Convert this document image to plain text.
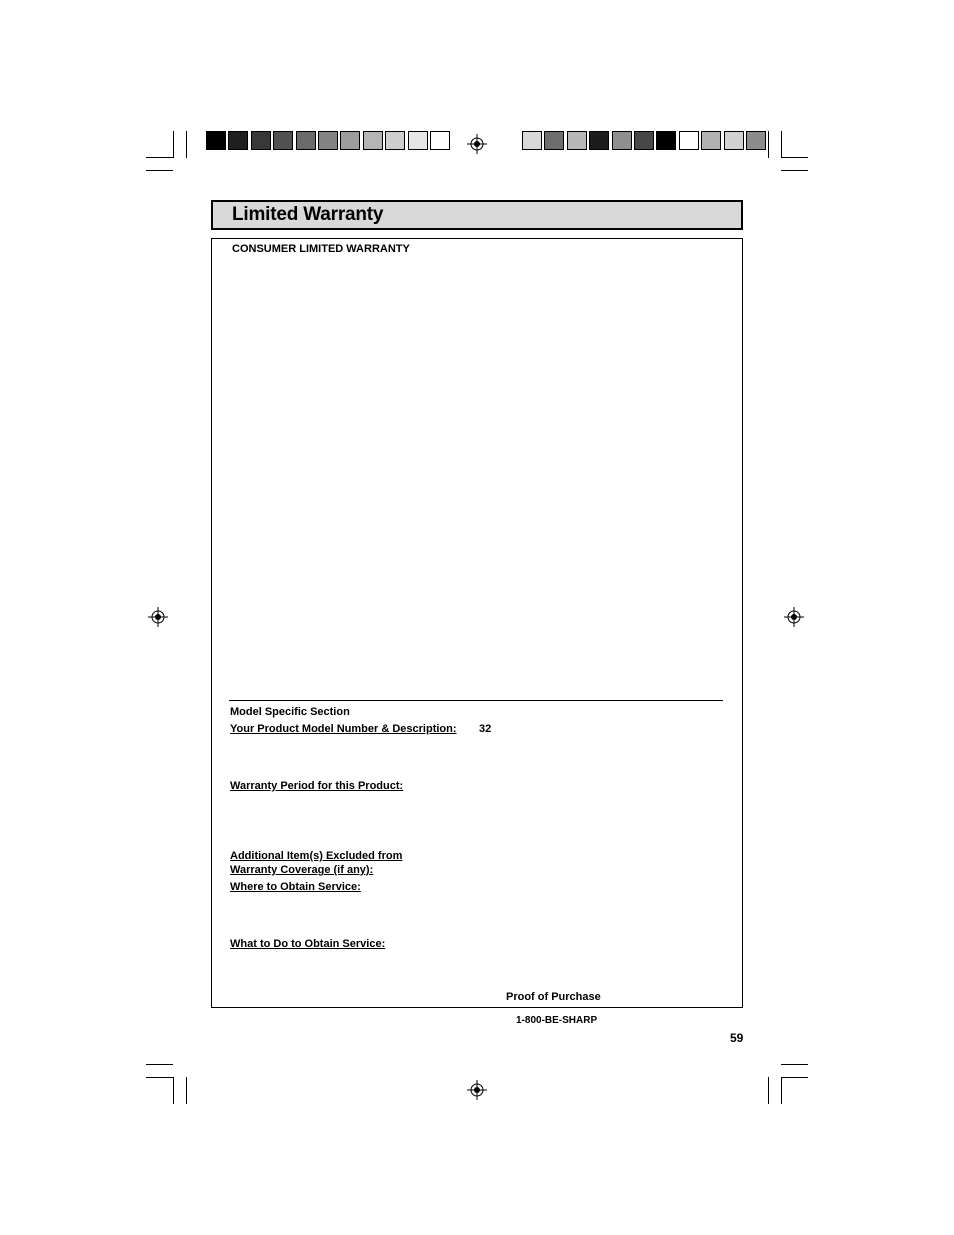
Limited Warranty
CONSUMER LIMITED WARRANTY
Model Specific Section
Your Product Model Number & Description: 32
Warranty Period for this Product:
Additional Item(s) Excluded from
Warranty Coverage (if any):
Where to Obtain Service:
What to Do to Obtain Service:
Proof of Purchase
1-800-BE-SHARP
59
